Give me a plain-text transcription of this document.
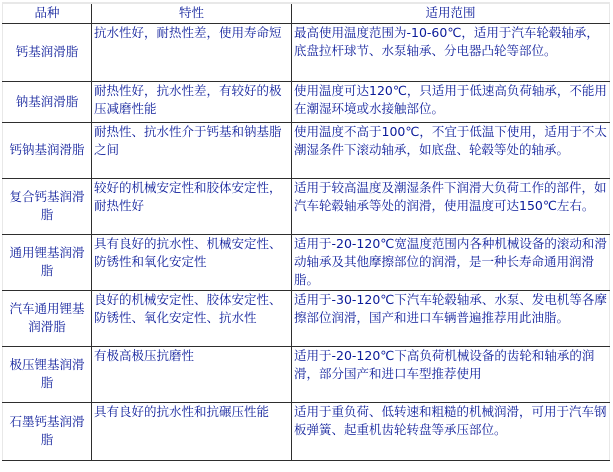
品种	特性	适用范围
钙基润滑脂	抗水性好，耐热性差，使用寿命短	最高使用温度范围为-10-60℃，适用于汽车轮毂轴承，底盘拉杆球节、水泵轴承、分电器凸轮等部位。
钠基润滑脂	耐热性好，抗水性差，有较好的极压减磨性能	使用温度可达120℃，只适用于低速高负荷轴承，不能用在潮湿环境或水接触部位。
钙钠基润滑脂	耐热性、抗水性介于钙基和钠基脂之间	使用温度不高于100℃，不宜于低温下使用，适用于不太潮湿条件下滚动轴承，如底盘、轮毂等处的轴承。
复合钙基润滑脂	较好的机械安定性和胶体安定性，耐热性好	适用于较高温度及潮湿条件下润滑大负荷工作的部件，如汽车轮毂轴承等处的润滑，使用温度可达150℃左右。
通用锂基润滑脂	具有良好的抗水性、机械安定性、防锈性和氧化安定性	适用于-20-120℃宽温度范围内各种机械设备的滚动和滑动轴承及其他摩擦部位的润滑，是一种长寿命通用润滑脂。
汽车通用锂基润滑脂	良好的机械安定性、胶体安定性、防锈性、氧化安定性、抗水性	适用于-30-120℃下汽车轮毂轴承、水泵、发电机等各摩擦部位润滑，国产和进口车辆普遍推荐用此油脂。
极压锂基润滑脂	有极高极压抗磨性	适用于-20-120℃下高负荷机械设备的齿轮和轴承的润滑，部分国产和进口车型推荐使用
石墨钙基润滑脂	具有良好的抗水性和抗碾压性能	适用于重负荷、低转速和粗糙的机械润滑，可用于汽车钢板弹簧、起重机齿轮转盘等承压部位。
